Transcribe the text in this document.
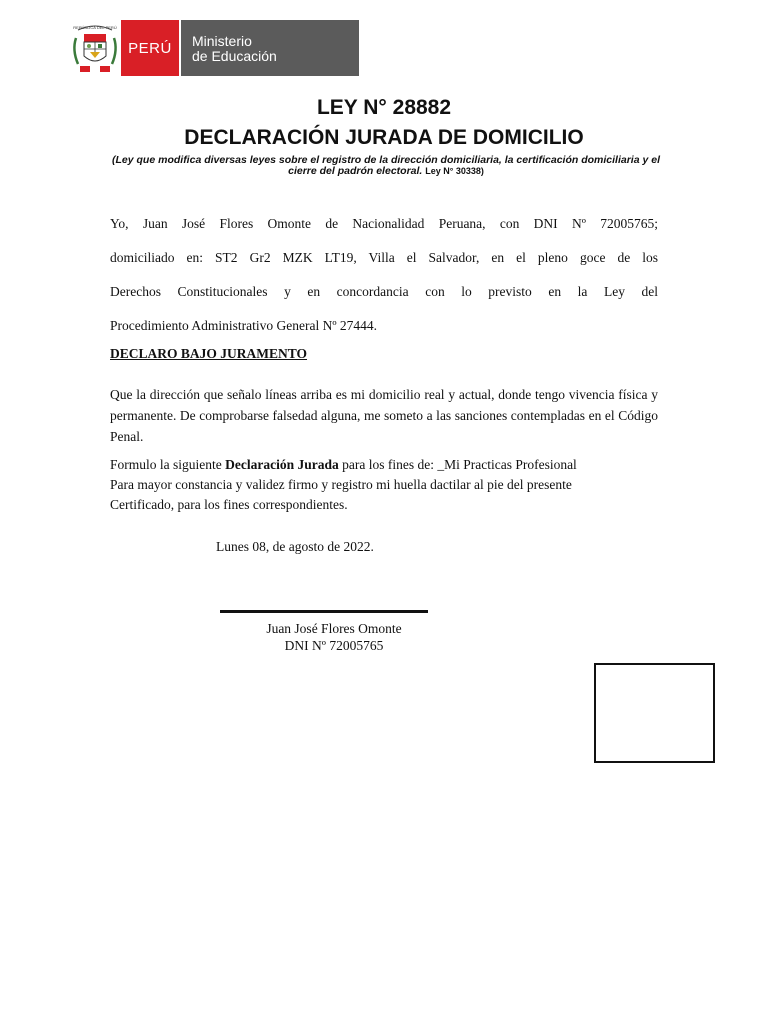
REPÚBLICA DEL PERÚ
PERÚ	Ministerio
de Educación
LEY N° 28882
DECLARACIÓN JURADA DE DOMICILIO
(Ley que modifica diversas leyes sobre el registro de la dirección domiciliaria, la certificación domiciliaria y el cierre del padrón electoral. Ley N° 30338)
Yo, Juan José Flores Omonte de Nacionalidad Peruana, con DNI Nº 72005765;
domiciliado en: ST2 Gr2 MZK LT19, Villa el Salvador, en el pleno goce de los
Derechos Constitucionales y en concordancia con lo previsto en la Ley del
Procedimiento Administrativo General Nº 27444.
DECLARO BAJO JURAMENTO
Que la dirección que señalo líneas arriba es mi domicilio real y actual, donde tengo vivencia física y permanente. De comprobarse falsedad alguna, me someto a las sanciones contempladas en el Código Penal.
Formulo la siguiente Declaración Jurada para los fines de: _Mi Practicas Profesional
Para mayor constancia y validez firmo y registro mi huella dactilar al pie del presente
Certificado, para los fines correspondientes.
Lunes 08, de agosto de 2022.
Juan José Flores Omonte
DNI Nº 72005765
